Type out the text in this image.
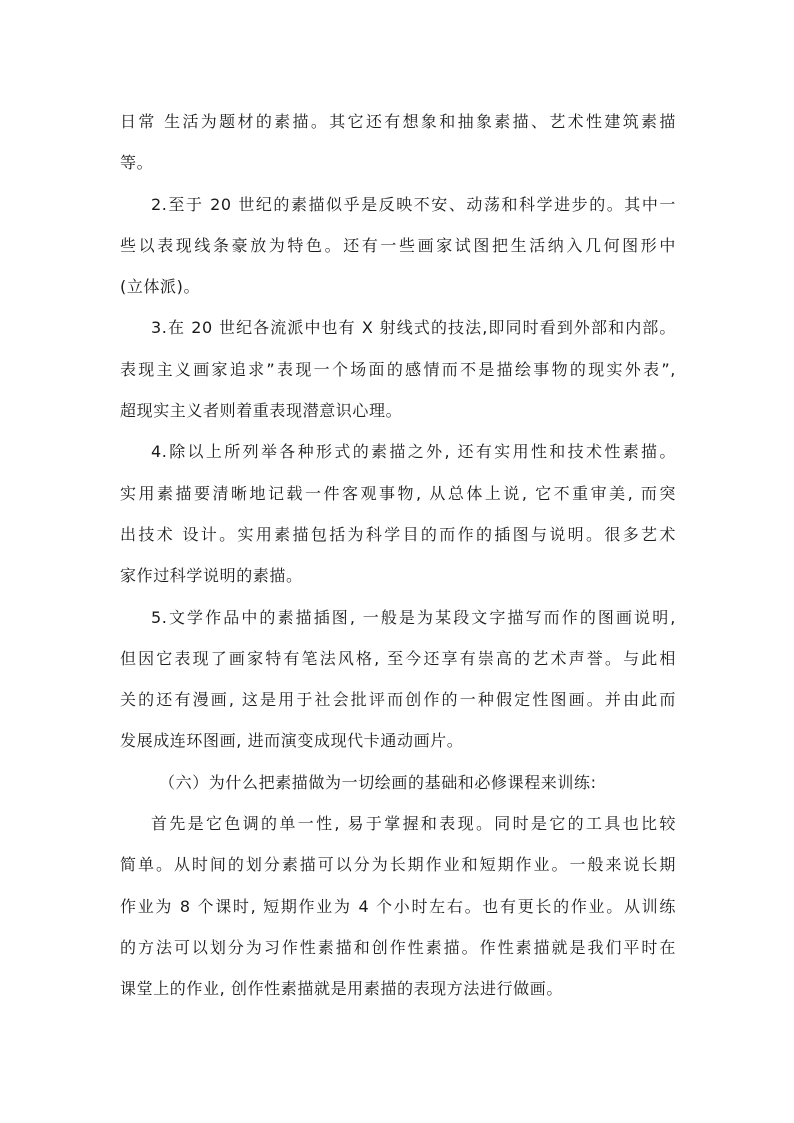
日常 生活为题材的素描。其它还有想象和抽象素描、艺术性建筑素描
等。
2.至于 20 世纪的素描似乎是反映不安、动荡和科学进步的。其中一
些以表现线条豪放为特色。还有一些画家试图把生活纳入几何图形中
(立体派)。
3.在 20 世纪各流派中也有 X 射线式的技法,即同时看到外部和内部。
表现主义画家追求”表现一个场面的感情而不是描绘事物的现实外表”,
超现实主义者则着重表现潜意识心理。
4.除以上所列举各种形式的素描之外, 还有实用性和技术性素描。
实用素描要清晰地记载一件客观事物, 从总体上说, 它不重审美, 而突
出技术 设计。实用素描包括为科学目的而作的插图与说明。很多艺术
家作过科学说明的素描。
5.文学作品中的素描插图, 一般是为某段文字描写而作的图画说明,
但因它表现了画家特有笔法风格, 至今还享有崇高的艺术声誉。与此相
关的还有漫画, 这是用于社会批评而创作的一种假定性图画。并由此而
发展成连环图画, 进而演变成现代卡通动画片。
（六）为什么把素描做为一切绘画的基础和必修课程来训练:
首先是它色调的单一性, 易于掌握和表现。同时是它的工具也比较
简单。从时间的划分素描可以分为长期作业和短期作业。一般来说长期
作业为 8 个课时, 短期作业为 4 个小时左右。也有更长的作业。从训练
的方法可以划分为习作性素描和创作性素描。作性素描就是我们平时在
课堂上的作业, 创作性素描就是用素描的表现方法进行做画。
